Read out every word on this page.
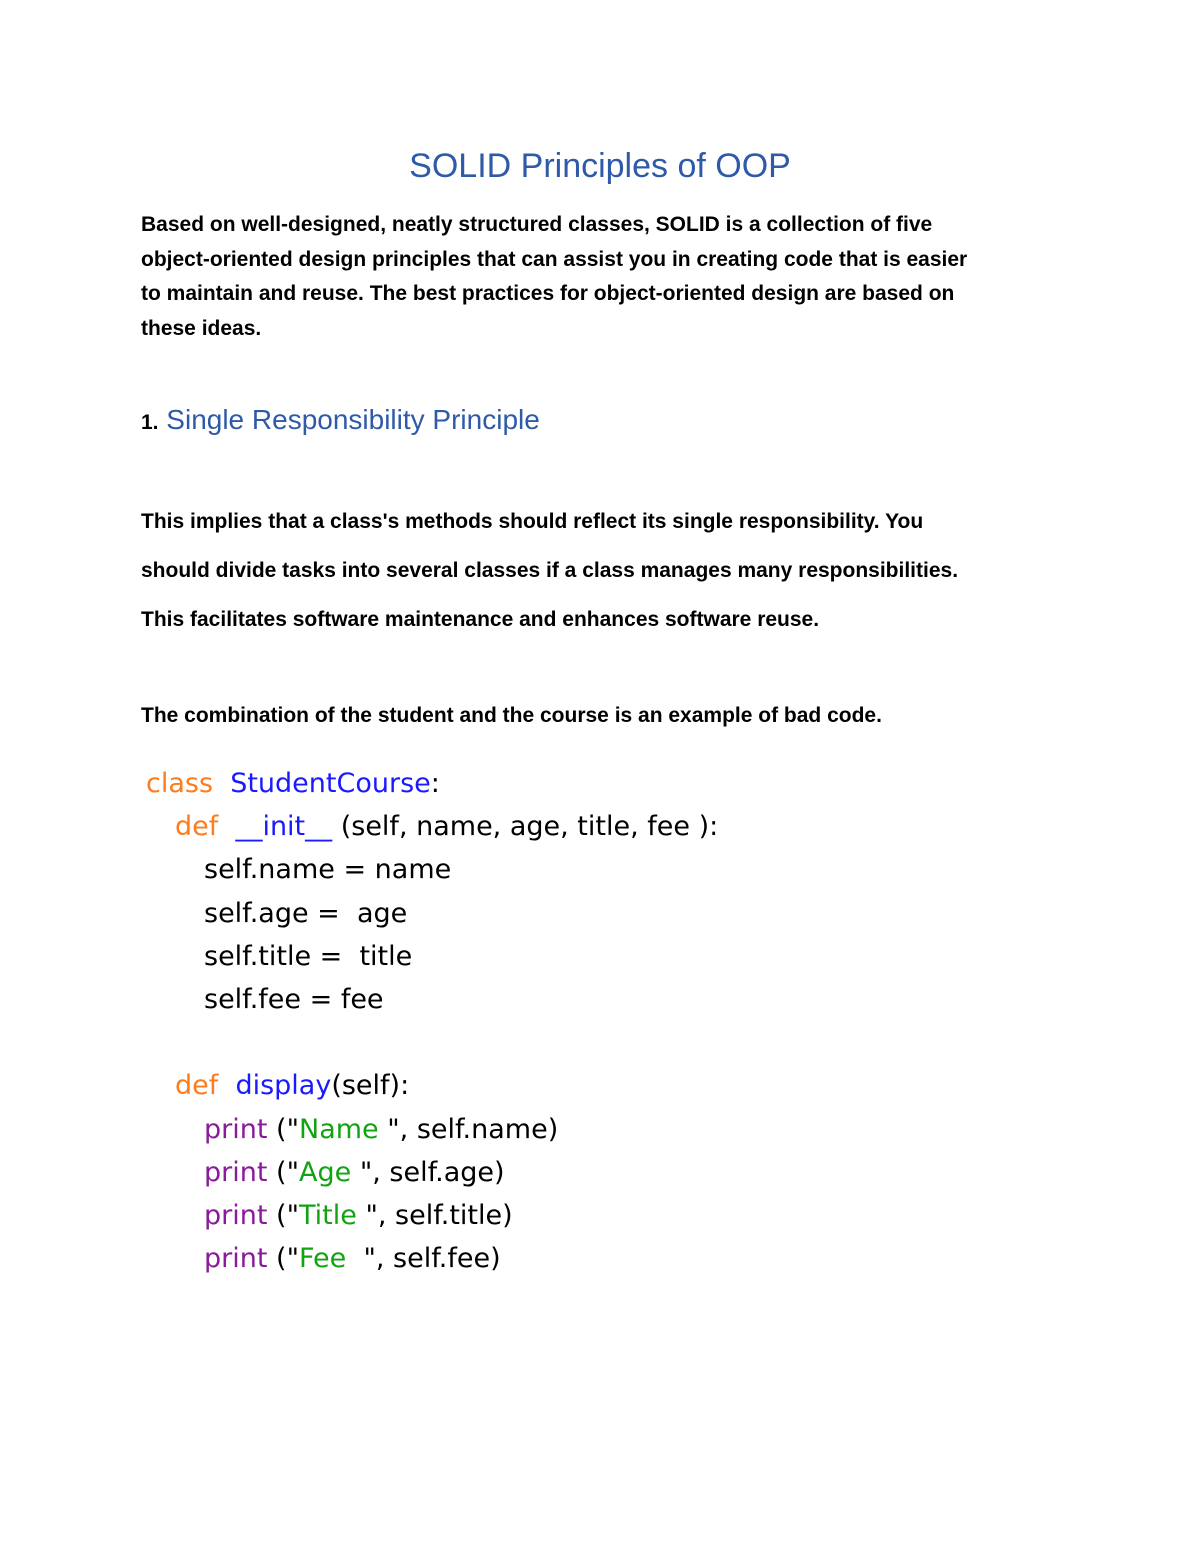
SOLID Principles of OOP
Based on well-designed, neatly structured classes, SOLID is a collection of five
object-oriented design principles that can assist you in creating code that is easier
to maintain and reuse. The best practices for object-oriented design are based on
these ideas.
1. Single Responsibility Principle
This implies that a class's methods should reflect its single responsibility. You
should divide tasks into several classes if a class manages many responsibilities.
This facilitates software maintenance and enhances software reuse.
The combination of the student and the course is an example of bad code.
class StudentCourse:
def __init__ (self, name, age, title, fee ):
self.name = name
self.age =  age
self.title =  title
self.fee = fee
def display(self):
print ("Name ", self.name)
print ("Age ", self.age)
print ("Title ", self.title)
print ("Fee  ", self.fee)
